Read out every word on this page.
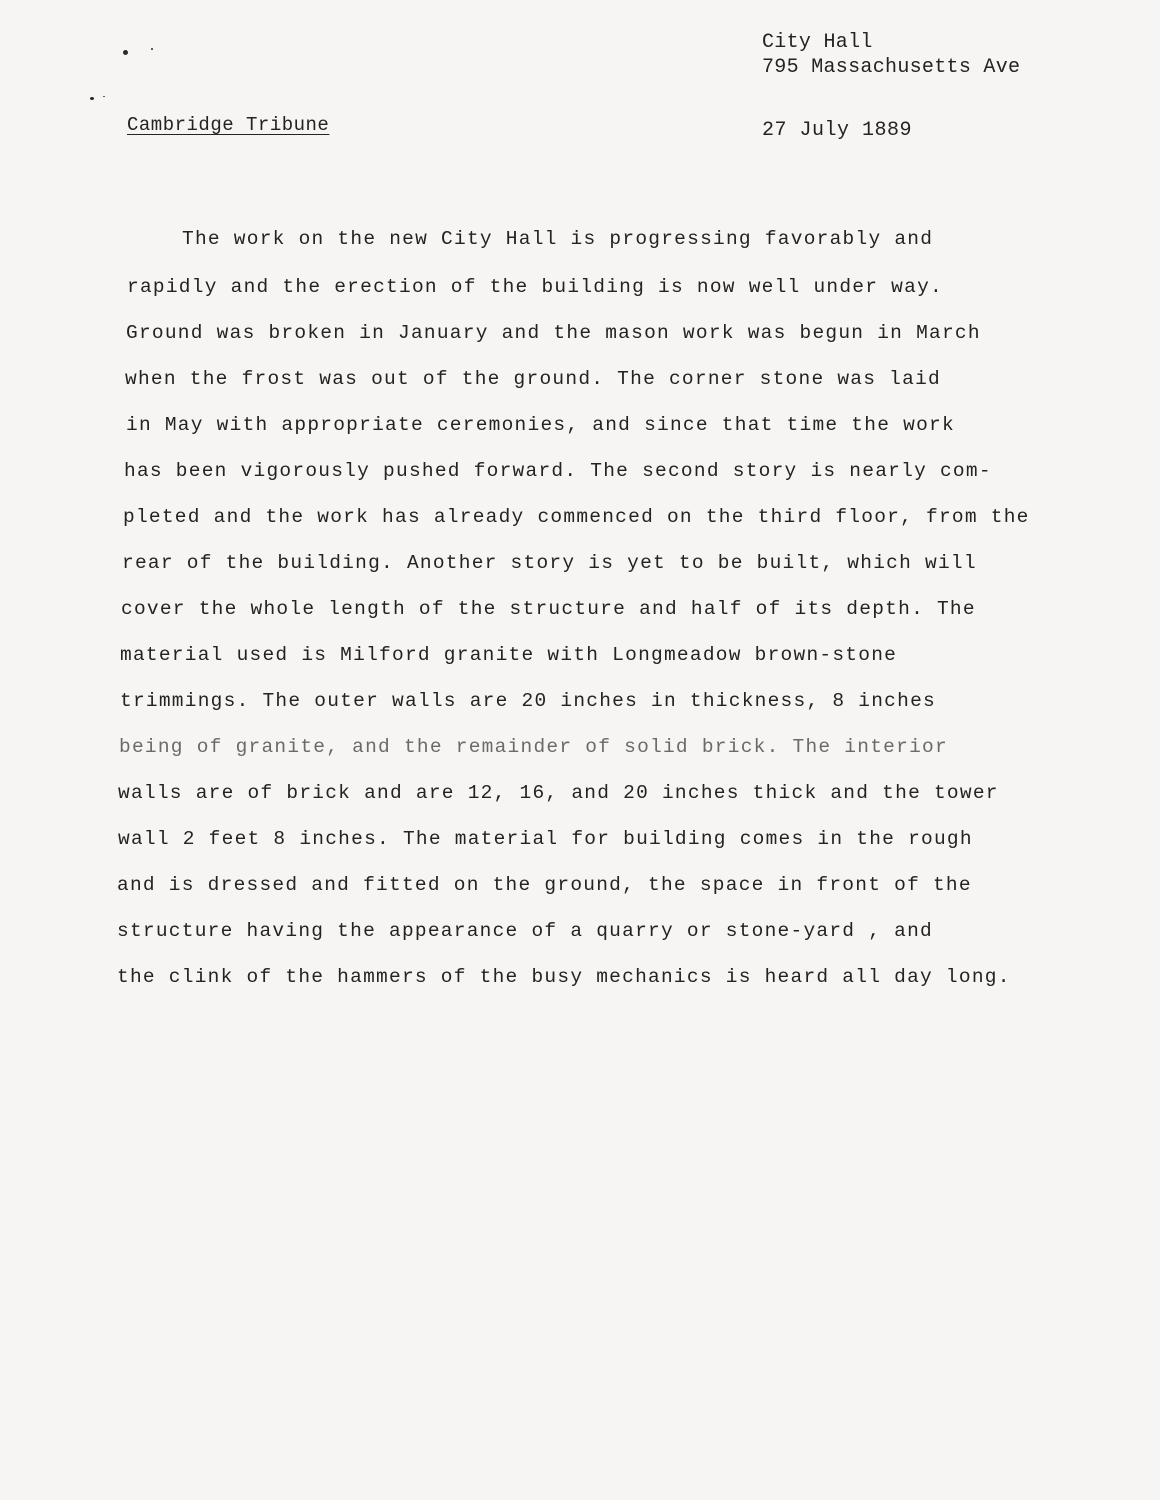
City Hall
795 Massachusetts Ave
Cambridge Tribune	27 July 1889
The work on the new City Hall is progressing favorably and
rapidly and the erection of the building is now well under way.
Ground was broken in January and the mason work was begun in March
when the frost was out of the ground. The corner stone was laid
in May with appropriate ceremonies, and since that time the work
has been vigorously pushed forward. The second story is nearly com-
pleted and the work has already commenced on the third floor, from the
rear of the building. Another story is yet to be built, which will
cover the whole length of the structure and half of its depth. The
material used is Milford granite with Longmeadow brown-stone
trimmings. The outer walls are 20 inches in thickness, 8 inches
being of granite, and the remainder of solid brick. The interior
walls are of brick and are 12, 16, and 20 inches thick and the tower
wall 2 feet 8 inches. The material for building comes in the rough
and is dressed and fitted on the ground, the space in front of the
structure having the appearance of a quarry or stone-yard , and
the clink of the hammers of the busy mechanics is heard all day long.
